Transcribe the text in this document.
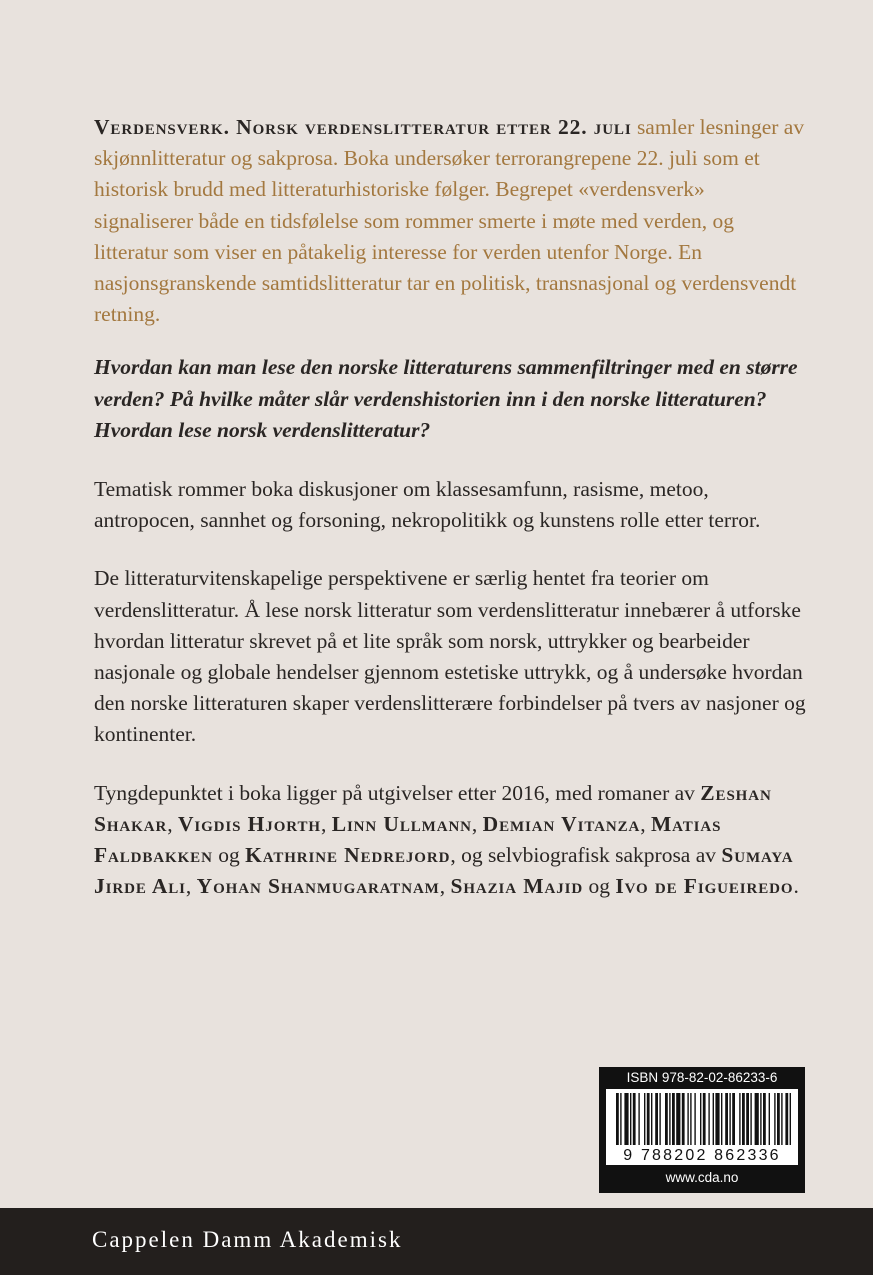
Verdensverk. Norsk verdenslitteratur etter 22. juli samler lesninger av skjønnlitteratur og sakprosa. Boka undersøker terrorangrepene 22. juli som et historisk brudd med litteraturhistoriske følger. Begrepet «verdensverk» signaliserer både en tidsfølelse som rommer smerte i møte med verden, og litteratur som viser en påtakelig interesse for verden utenfor Norge. En nasjonsgranskende samtidslitteratur tar en politisk, transnasjonal og verdensvendt retning.

Hvordan kan man lese den norske litteraturens sammenfiltringer med en større verden? På hvilke måter slår verdenshistorien inn i den norske litteraturen? Hvordan lese norsk verdenslitteratur?

Tematisk rommer boka diskusjoner om klassesamfunn, rasisme, metoo, antropocen, sannhet og forsoning, nekropolitikk og kunstens rolle etter terror.

De litteraturvitenskapelige perspektivene er særlig hentet fra teorier om verdenslitteratur. Å lese norsk litteratur som verdenslitteratur innebærer å utforske hvordan litteratur skrevet på et lite språk som norsk, uttrykker og bearbeider nasjonale og globale hendelser gjennom estetiske uttrykk, og å undersøke hvordan den norske litteraturen skaper verdenslitterære forbindelser på tvers av nasjoner og kontinenter.

Tyngdepunktet i boka ligger på utgivelser etter 2016, med romaner av Zeshan Shakar, Vigdis Hjorth, Linn Ullmann, Demian Vitanza, Matias Faldbakken og Kathrine Nedrejord, og selvbiografisk sakprosa av Sumaya Jirde Ali, Yohan Shanmugaratnam, Shazia Majid og Ivo de Figueiredo.

ISBN 978-82-02-86233-6
9 788202 862336
www.cda.no
Cappelen Damm Akademisk
